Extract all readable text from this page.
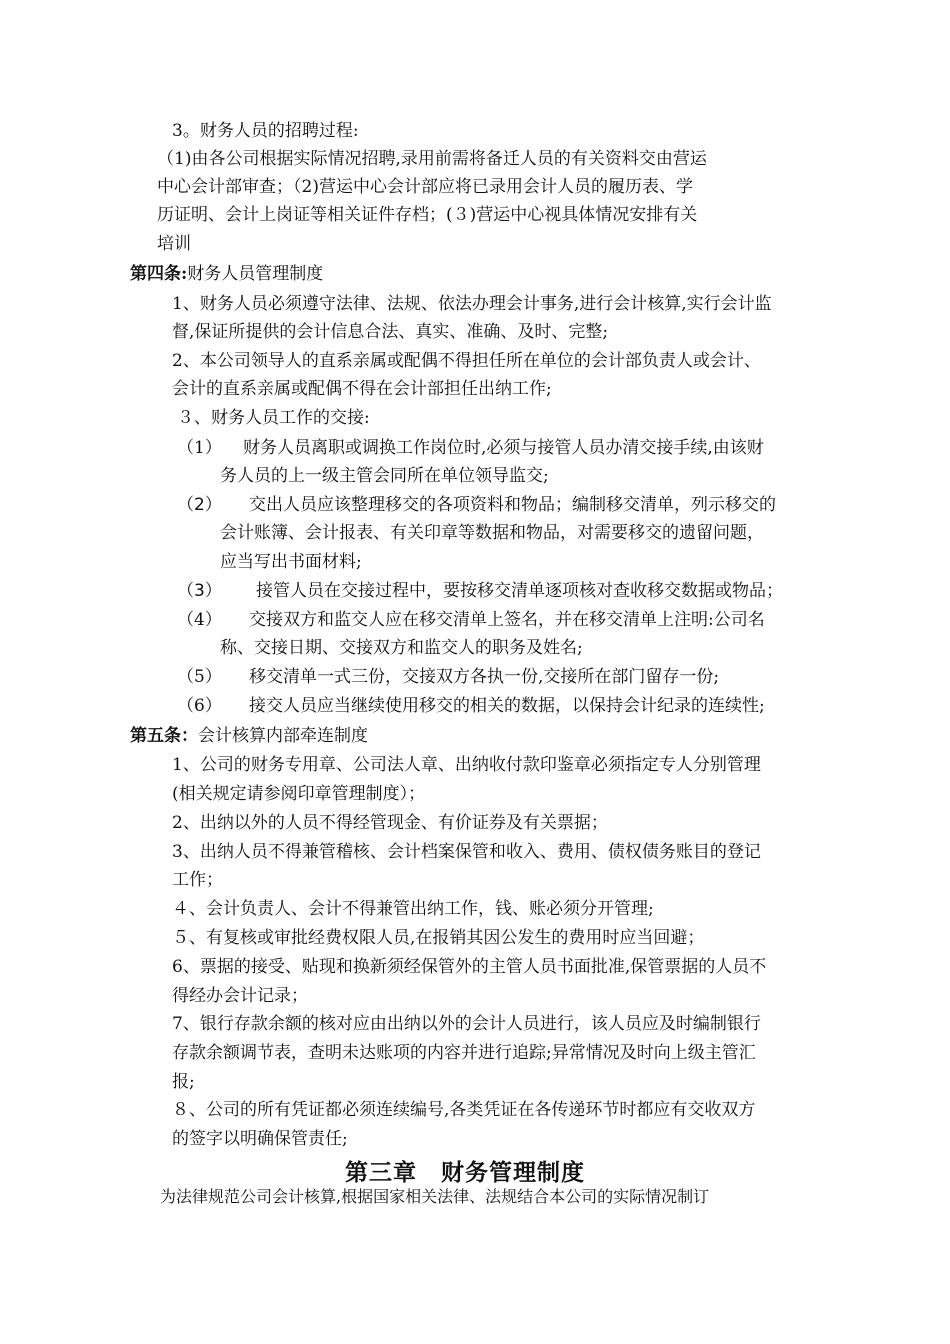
3。财务人员的招聘过程:
（1)由各公司根据实际情况招聘,录用前需将备迁人员的有关资料交由营运
中心会计部审查；（2)营运中心会计部应将已录用会计人员的履历表、学
历证明、会计上岗证等相关证件存档；(３)营运中心视具体情况安排有关
培训
第四条:财务人员管理制度
1、财务人员必须遵守法律、法规、依法办理会计事务,进行会计核算,实行会计监
督,保证所提供的会计信息合法、真实、准确、及时、完整;
2、本公司领导人的直系亲属或配偶不得担任所在单位的会计部负责人或会计、
会计的直系亲属或配偶不得在会计部担任出纳工作;
３、财务人员工作的交接:
（1） 财务人员离职或调换工作岗位时,必须与接管人员办清交接手续,由该财
务人员的上一级主管会同所在单位领导监交;
（2） 交出人员应该整理移交的各项资料和物品；编制移交清单，列示移交的
会计账簿、会计报表、有关印章等数据和物品，对需要移交的遗留问题，
应当写出书面材料;
（3） 接管人员在交接过程中，要按移交清单逐项核对查收移交数据或物品；
（4） 交接双方和监交人应在移交清单上签名，并在移交清单上注明:公司名
称、交接日期、交接双方和监交人的职务及姓名;
（5） 移交清单一式三份，交接双方各执一份,交接所在部门留存一份;
（6） 接交人员应当继续使用移交的相关的数据，以保持会计纪录的连续性;
第五条：会计核算内部牵连制度
1、公司的财务专用章、公司法人章、出纳收付款印鉴章必须指定专人分别管理
(相关规定请参阅印章管理制度）；
2、出纳以外的人员不得经管现金、有价证券及有关票据；
3、出纳人员不得兼管稽核、会计档案保管和收入、费用、债权债务账目的登记
工作；
４、会计负责人、会计不得兼管出纳工作，钱、账必须分开管理;
５、有复核或审批经费权限人员,在报销其因公发生的费用时应当回避；
6、票据的接受、贴现和换新须经保管外的主管人员书面批准,保管票据的人员不
得经办会计记录；
7、银行存款余额的核对应由出纳以外的会计人员进行，该人员应及时编制银行
存款余额调节表，查明未达账项的内容并进行追踪;异常情况及时向上级主管汇
报;
８、公司的所有凭证都必须连续编号,各类凭证在各传递环节时都应有交收双方
的签字以明确保管责任;
第三章　财务管理制度
为法律规范公司会计核算,根据国家相关法律、法规结合本公司的实际情况制订
